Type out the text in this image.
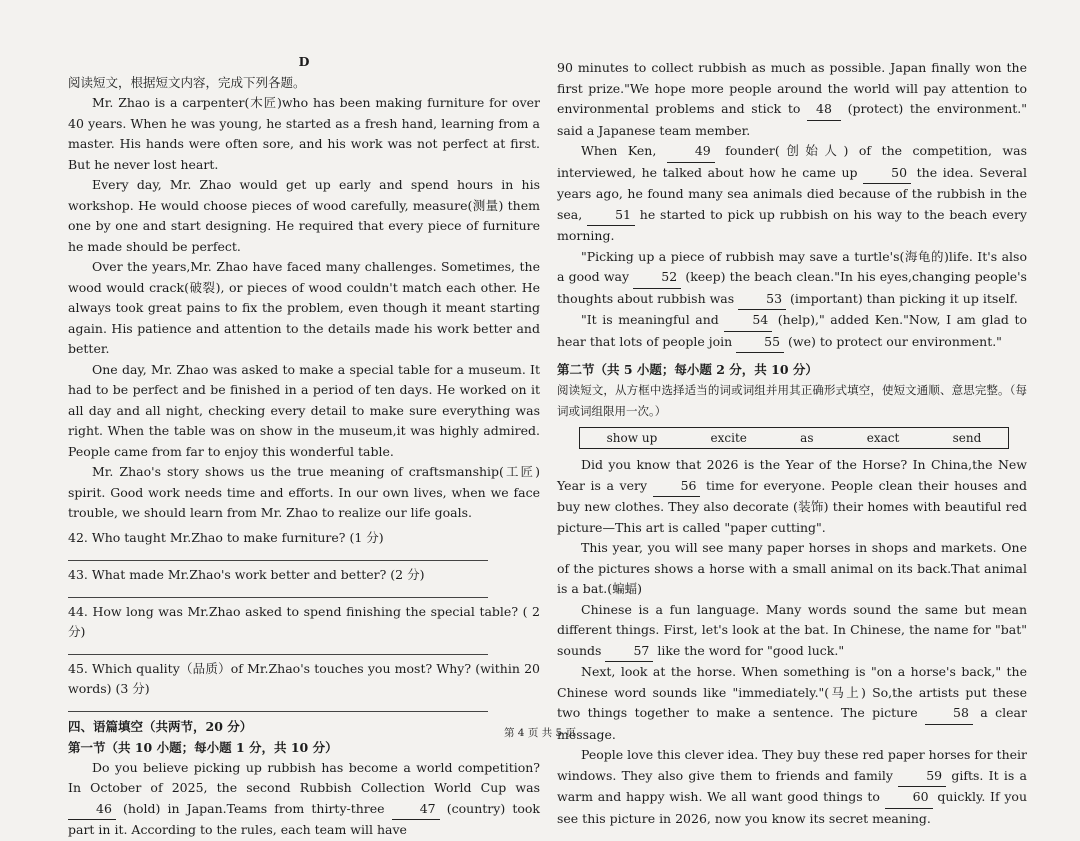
D

阅读短文，根据短文内容，完成下列各题。

Mr. Zhao is a carpenter(木匠)who has been making furniture for over 40 years. When he was young, he started as a fresh hand, learning from a master. His hands were often sore, and his work was not perfect at first. But he never lost heart.

Every day, Mr. Zhao would get up early and spend hours in his workshop. He would choose pieces of wood carefully, measure(测量) them one by one and start designing. He required that every piece of furniture he made should be perfect.

Over the years,Mr. Zhao have faced many challenges. Sometimes, the wood would crack(破裂), or pieces of wood couldn't match each other. He always took great pains to fix the problem, even though it meant starting again. His patience and attention to the details made his work better and better.

One day, Mr. Zhao was asked to make a special table for a museum. It had to be perfect and be finished in a period of ten days. He worked on it all day and all night, checking every detail to make sure everything was right. When the table was on show in the museum,it was highly admired. People came from far to enjoy this wonderful table.

Mr. Zhao's story shows us the true meaning of craftsmanship(工匠) spirit. Good work needs time and efforts. In our own lives, when we face trouble, we should learn from Mr. Zhao to realize our life goals.

42. Who taught Mr.Zhao to make furniture? (1 分)

43. What made Mr.Zhao's work better and better? (2 分)

44. How long was Mr.Zhao asked to spend finishing the special table? ( 2 分)

45. Which quality（品质）of Mr.Zhao's touches you most? Why? (within 20 words) (3 分)

四、语篇填空（共两节，20 分）

第一节（共 10 小题；每小题 1 分，共 10 分）

Do you believe picking up rubbish has become a world competition? In October of 2025, the second Rubbish Collection World Cup was 46 (hold) in Japan.Teams from thirty-three 47 (country) took part in it. According to the rules, each team will have

90 minutes to collect rubbish as much as possible. Japan finally won the first prize."We hope more people around the world will pay attention to environmental problems and stick to 48 (protect) the environment." said a Japanese team member.

When Ken, 49 founder(创始人) of the competition, was interviewed, he talked about how he came up 50 the idea. Several years ago, he found many sea animals died because of the rubbish in the sea, 51 he started to pick up rubbish on his way to the beach every morning.

"Picking up a piece of rubbish may save a turtle's(海龟的)life. It's also a good way 52 (keep) the beach clean."In his eyes,changing people's thoughts about rubbish was 53 (important) than picking it up itself.

"It is meaningful and 54 (help)," added Ken."Now, I am glad to hear that lots of people join 55 (we) to protect our environment."

第二节（共 5 小题；每小题 2 分，共 10 分）

阅读短文，从方框中选择适当的词或词组并用其正确形式填空，使短文通顺、意思完整。（每词或词组限用一次。）

show up	excite	as	exact	send

Did you know that 2026 is the Year of the Horse? In China,the New Year is a very 56 time for everyone. People clean their houses and buy new clothes. They also decorate (装饰) their homes with beautiful red picture—This art is called "paper cutting".

This year, you will see many paper horses in shops and markets. One of the pictures shows a horse with a small animal on its back.That animal is a bat.(蝙蝠)

Chinese is a fun language. Many words sound the same but mean different things. First, let's look at the bat. In Chinese, the name for "bat" sounds 57 like the word for "good luck."

Next, look at the horse. When something is "on a horse's back," the Chinese word sounds like "immediately."(马上) So,the artists put these two things together to make a sentence. The picture 58 a clear message.

People love this clever idea. They buy these red paper horses for their windows. They also give them to friends and family 59 gifts. It is a warm and happy wish. We all want good things to 60 quickly. If you see this picture in 2026, now you know its secret meaning.

第 4 页 共 5 页
